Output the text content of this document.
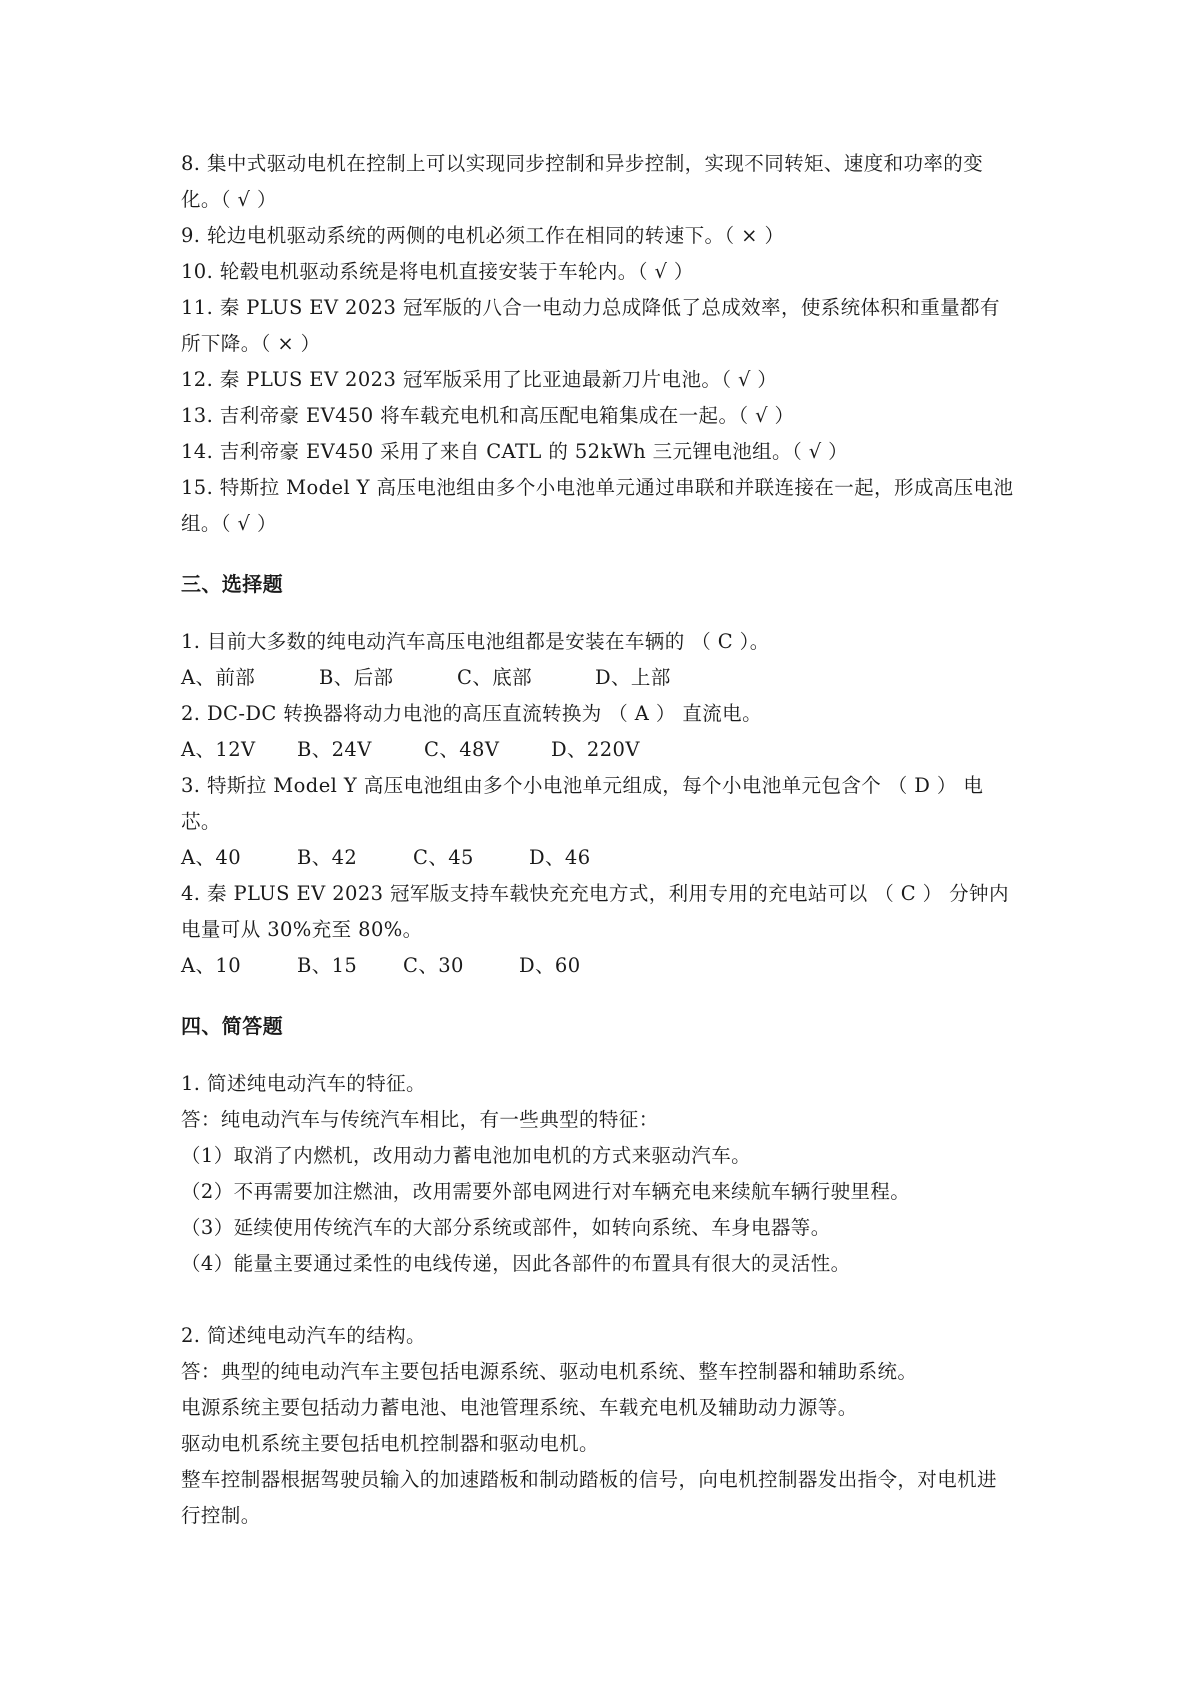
8. 集中式驱动电机在控制上可以实现同步控制和异步控制，实现不同转矩、速度和功率的变化。（ √ ）

9. 轮边电机驱动系统的两侧的电机必须工作在相同的转速下。（ × ）

10. 轮毂电机驱动系统是将电机直接安装于车轮内。（ √ ）

11. 秦 PLUS EV 2023 冠军版的八合一电动力总成降低了总成效率，使系统体积和重量都有所下降。（ × ）

12. 秦 PLUS EV 2023 冠军版采用了比亚迪最新刀片电池。（ √ ）

13. 吉利帝豪 EV450 将车载充电机和高压配电箱集成在一起。（ √ ）

14. 吉利帝豪 EV450 采用了来自 CATL 的 52kWh 三元锂电池组。（ √ ）

15. 特斯拉 Model Y 高压电池组由多个小电池单元通过串联和并联连接在一起，形成高压电池组。（ √ ）

三、选择题

1. 目前大多数的纯电动汽车高压电池组都是安装在车辆的 （ C ）。

A、前部	B、后部	C、底部	D、上部

2. DC-DC 转换器将动力电池的高压直流转换为 （ A ） 直流电。

A、12V B、24V	C、48V	D、220V

3. 特斯拉 Model Y 高压电池组由多个小电池单元组成，每个小电池单元包含个 （ D ） 电芯。

A、40	B、42	C、45	D、46

4. 秦 PLUS EV 2023 冠军版支持车载快充充电方式，利用专用的充电站可以 （ C ） 分钟内电量可从 30%充至 80%。

A、10	B、15 C、30	D、60

四、简答题

1. 简述纯电动汽车的特征。

答：纯电动汽车与传统汽车相比，有一些典型的特征：

（1）取消了内燃机，改用动力蓄电池加电机的方式来驱动汽车。

（2）不再需要加注燃油，改用需要外部电网进行对车辆充电来续航车辆行驶里程。

（3）延续使用传统汽车的大部分系统或部件，如转向系统、车身电器等。

（4）能量主要通过柔性的电线传递，因此各部件的布置具有很大的灵活性。

2. 简述纯电动汽车的结构。

答：典型的纯电动汽车主要包括电源系统、驱动电机系统、整车控制器和辅助系统。

电源系统主要包括动力蓄电池、电池管理系统、车载充电机及辅助动力源等。

驱动电机系统主要包括电机控制器和驱动电机。

整车控制器根据驾驶员输入的加速踏板和制动踏板的信号，向电机控制器发出指令，对电机进行控制。
